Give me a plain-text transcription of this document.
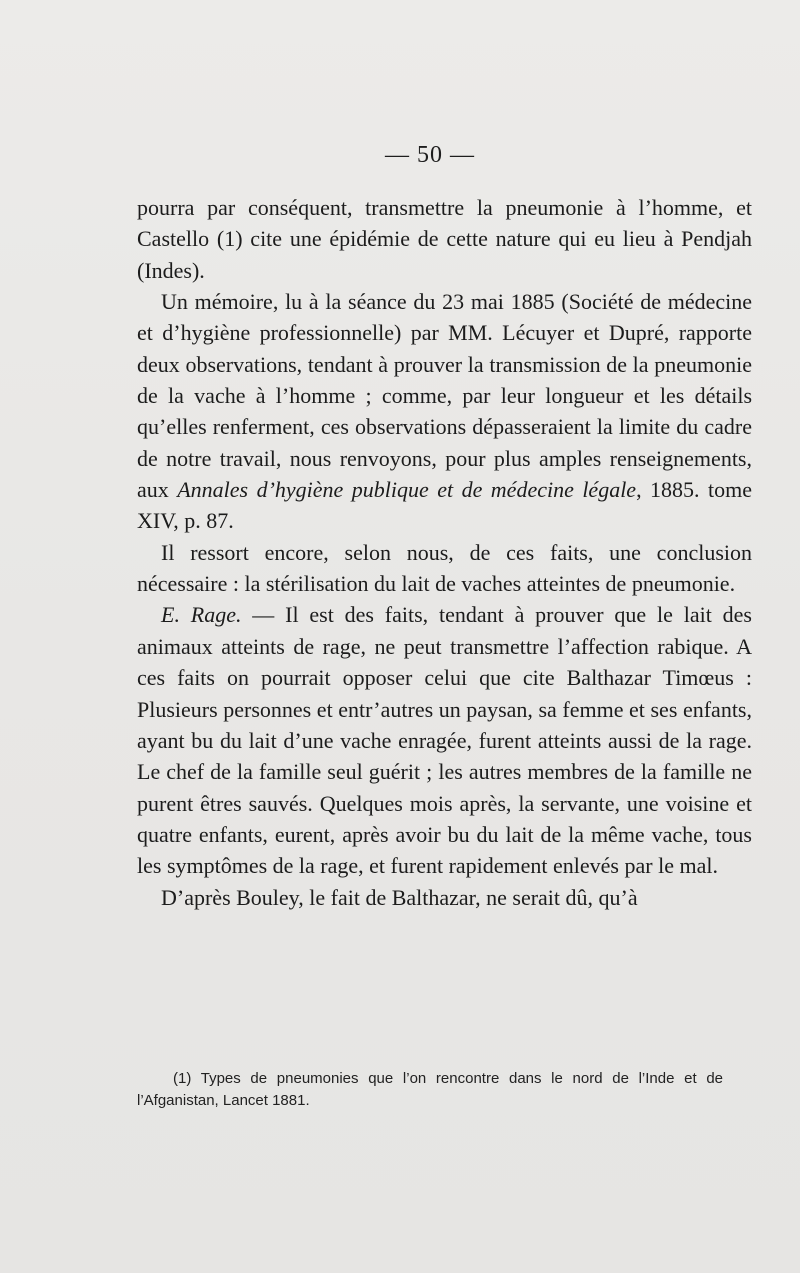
— 50 —

pourra par conséquent, transmettre la pneumonie à l’homme, et Castello (1) cite une épidémie de cette nature qui eu lieu à Pendjah (Indes).

Un mémoire, lu à la séance du 23 mai 1885 (Société de médecine et d’hygiène professionnelle) par MM. Lécuyer et Dupré, rapporte deux observations, tendant à prouver la transmission de la pneumonie de la vache à l’homme ; comme, par leur longueur et les détails qu’elles renferment, ces observations dépasseraient la limite du cadre de notre travail, nous renvoyons, pour plus amples renseignements, aux Annales d’hygiène publique et de médecine légale, 1885. tome XIV, p. 87.

Il ressort encore, selon nous, de ces faits, une conclusion nécessaire : la stérilisation du lait de vaches atteintes de pneumonie.

E. Rage. — Il est des faits, tendant à prouver que le lait des animaux atteints de rage, ne peut transmettre l’affection rabique. A ces faits on pourrait opposer celui que cite Balthazar Timœus : Plusieurs personnes et entr’autres un paysan, sa femme et ses enfants, ayant bu du lait d’une vache enragée, furent atteints aussi de la rage. Le chef de la famille seul guérit ; les autres membres de la famille ne purent êtres sauvés. Quelques mois après, la servante, une voisine et quatre enfants, eurent, après avoir bu du lait de la même vache, tous les symptômes de la rage, et furent rapidement enlevés par le mal.

D’après Bouley, le fait de Balthazar, ne serait dû, qu’à

(1) Types de pneumonies que l’on rencontre dans le nord de l’Inde et de l’Afganistan, Lancet 1881.
